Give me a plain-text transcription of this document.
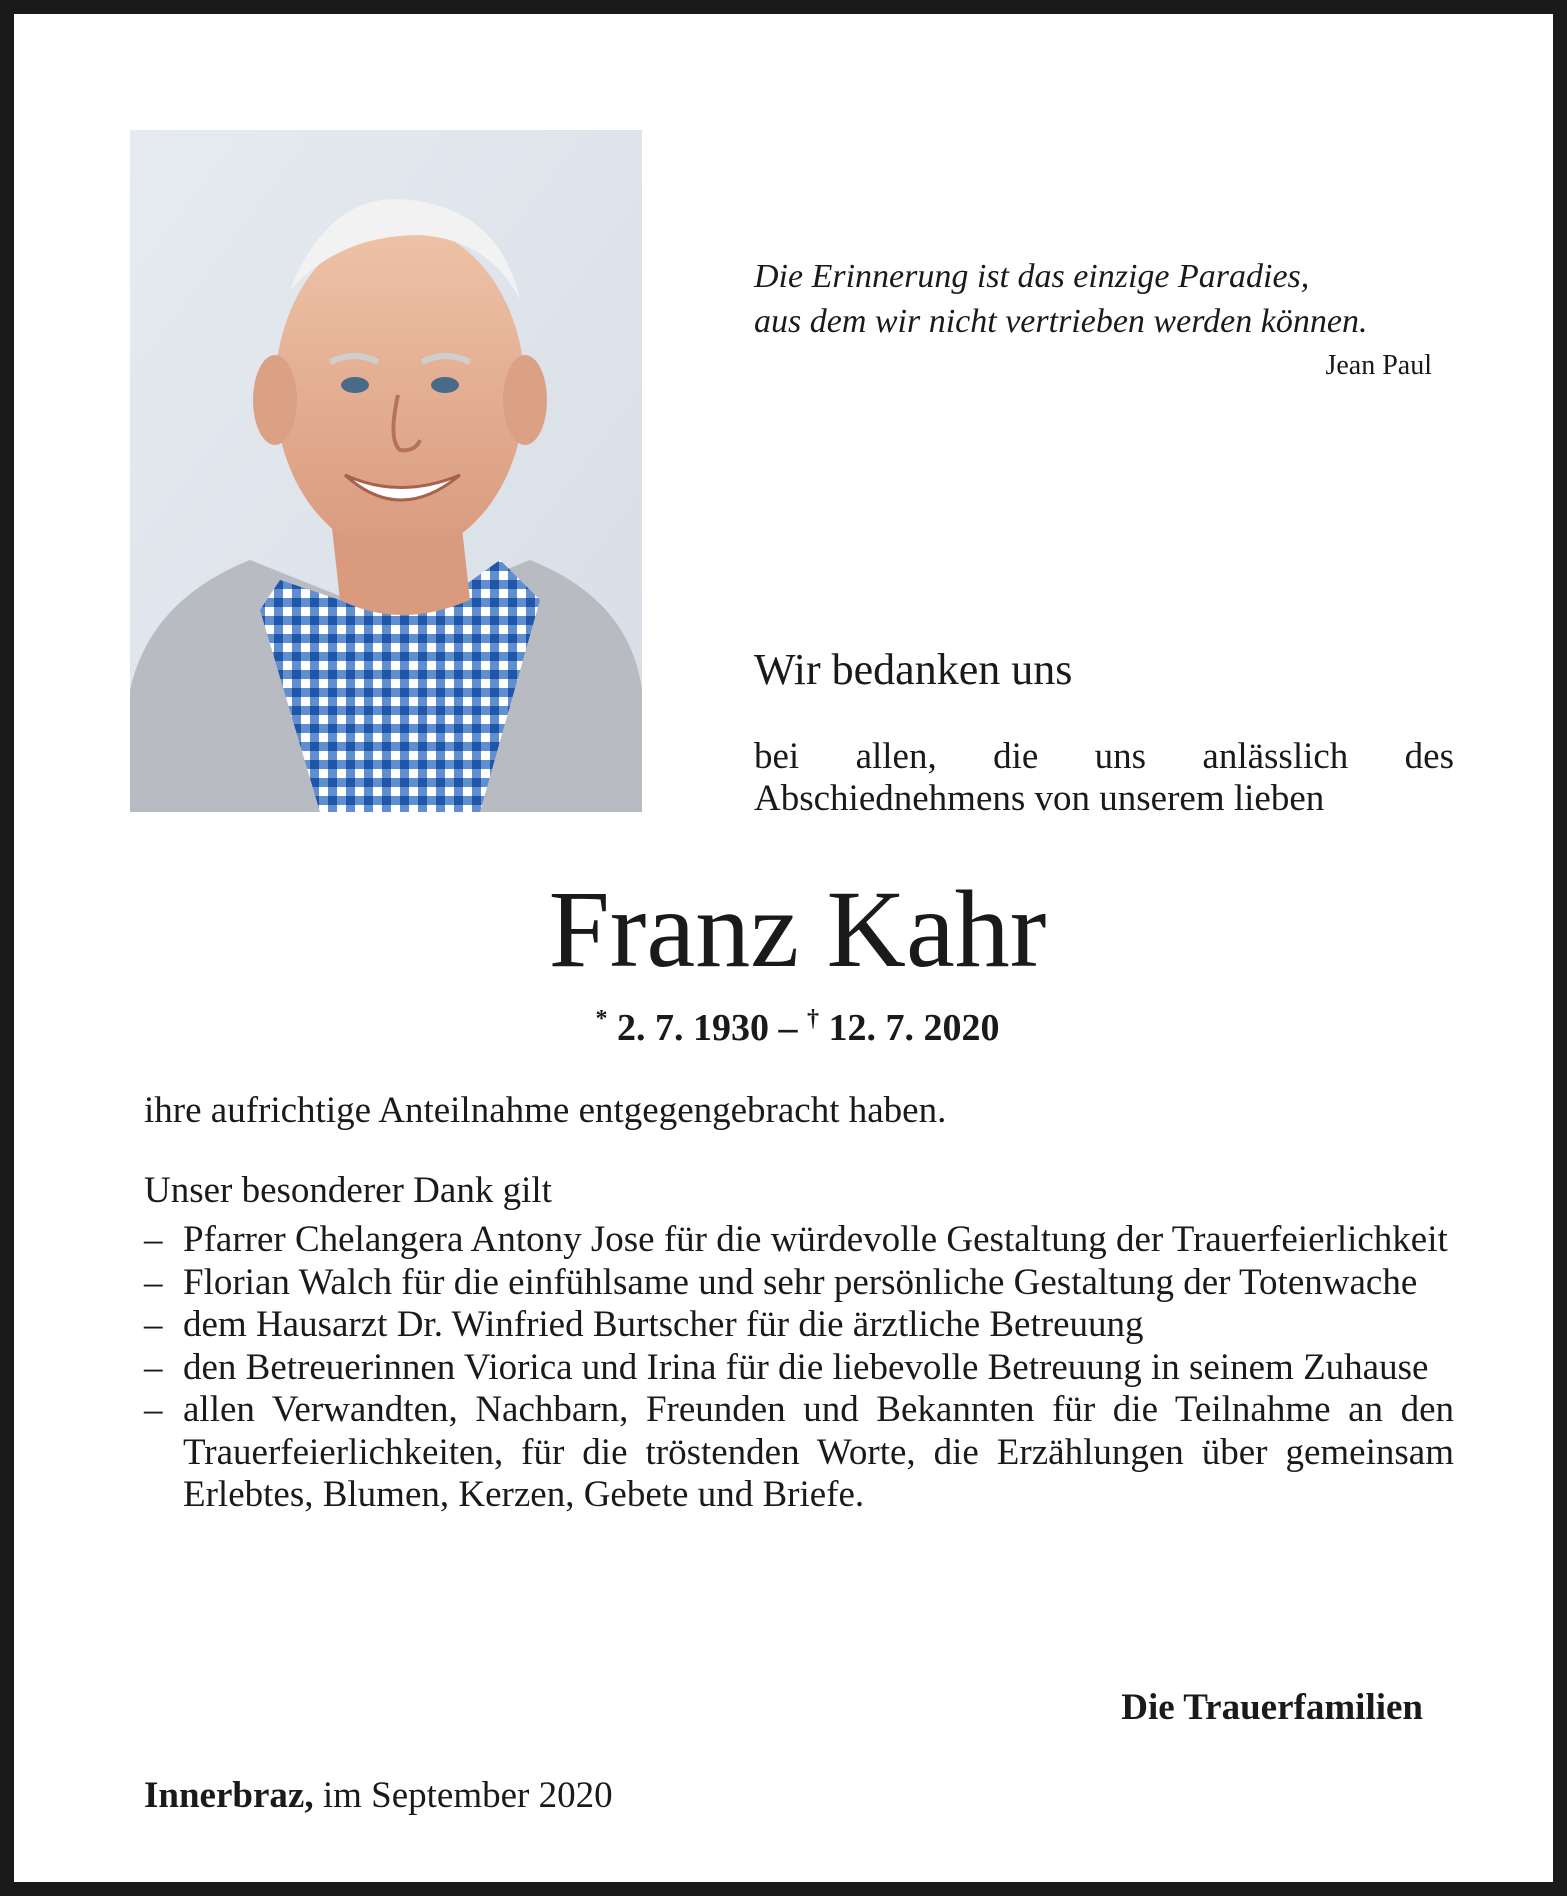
Die Erinnerung ist das einzige Paradies,
aus dem wir nicht vertrieben werden können.
Jean Paul
Wir bedanken uns
bei allen, die uns anlässlich des
Abschiednehmens von unserem lieben
Franz Kahr
* 2. 7. 1930 – † 12. 7. 2020
ihre aufrichtige Anteilnahme entgegengebracht haben.
Unser besonderer Dank gilt
– Pfarrer Chelangera Antony Jose für die würdevolle Gestaltung der Trauerfeierlichkeit
– Florian Walch für die einfühlsame und sehr persönliche Gestaltung der Totenwache
– dem Hausarzt Dr. Winfried Burtscher für die ärztliche Betreuung
– den Betreuerinnen Viorica und Irina für die liebevolle Betreuung in seinem Zuhause
– allen Verwandten, Nachbarn, Freunden und Bekannten für die Teilnahme an den Trauerfeierlichkeiten, für die tröstenden Worte, die Erzählungen über gemeinsam Erlebtes, Blumen, Kerzen, Gebete und Briefe.
Die Trauerfamilien
Innerbraz, im September 2020
